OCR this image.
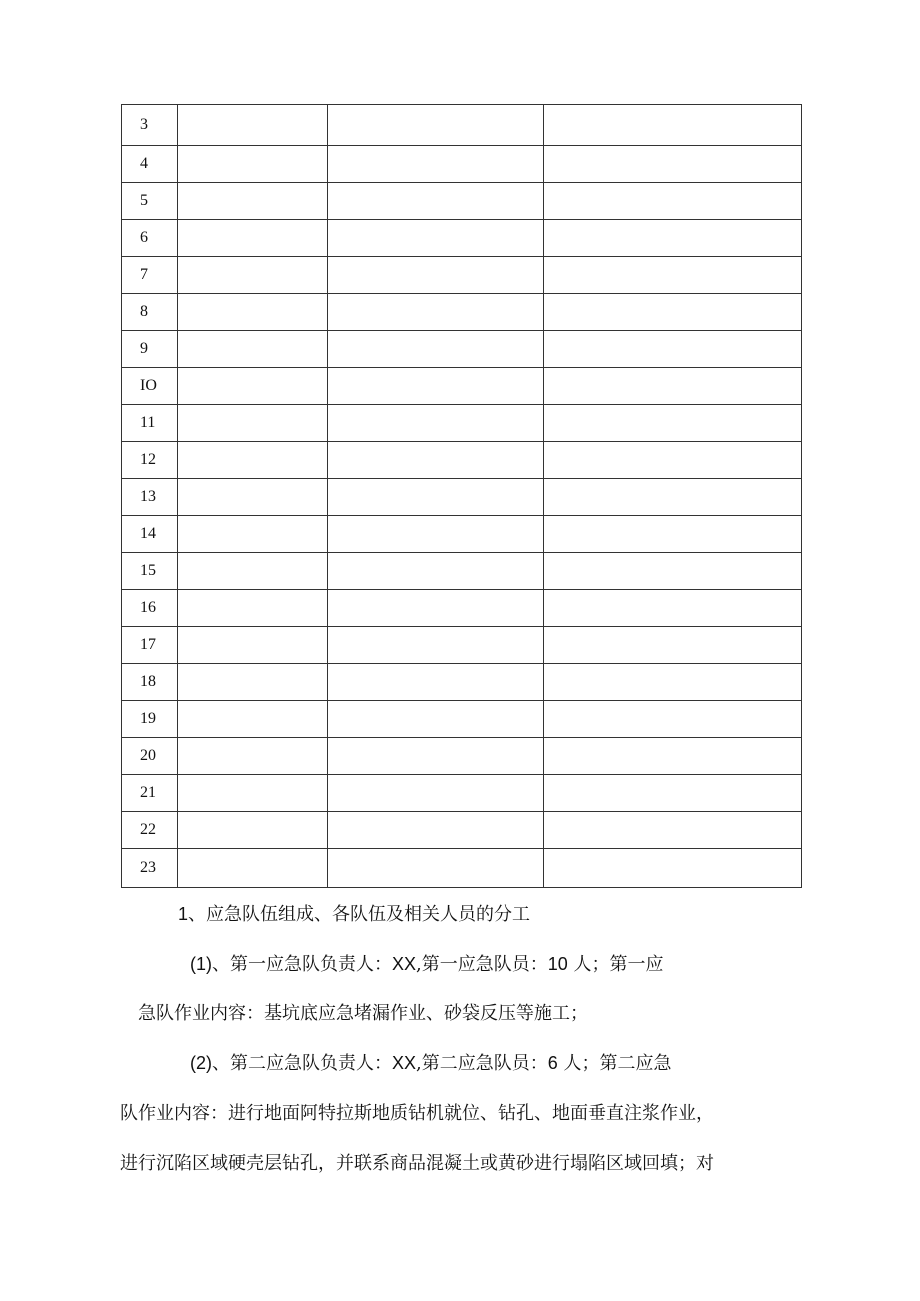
3			
4			
5			
6			
7			
8			
9			
IO			
11			
12			
13			
14			
15			
16			
17			
18			
19			
20			
21			
22			
23			
1、应急队伍组成、各队伍及相关人员的分工
(1)、第一应急队负责人：XX,第一应急队员：10 人；第一应
急队作业内容：基坑底应急堵漏作业、砂袋反压等施工；
(2)、第二应急队负责人：XX,第二应急队员：6 人；第二应急
队作业内容：进行地面阿特拉斯地质钻机就位、钻孔、地面垂直注浆作业，
进行沉陷区域硬壳层钻孔，并联系商品混凝土或黄砂进行塌陷区域回填；对
